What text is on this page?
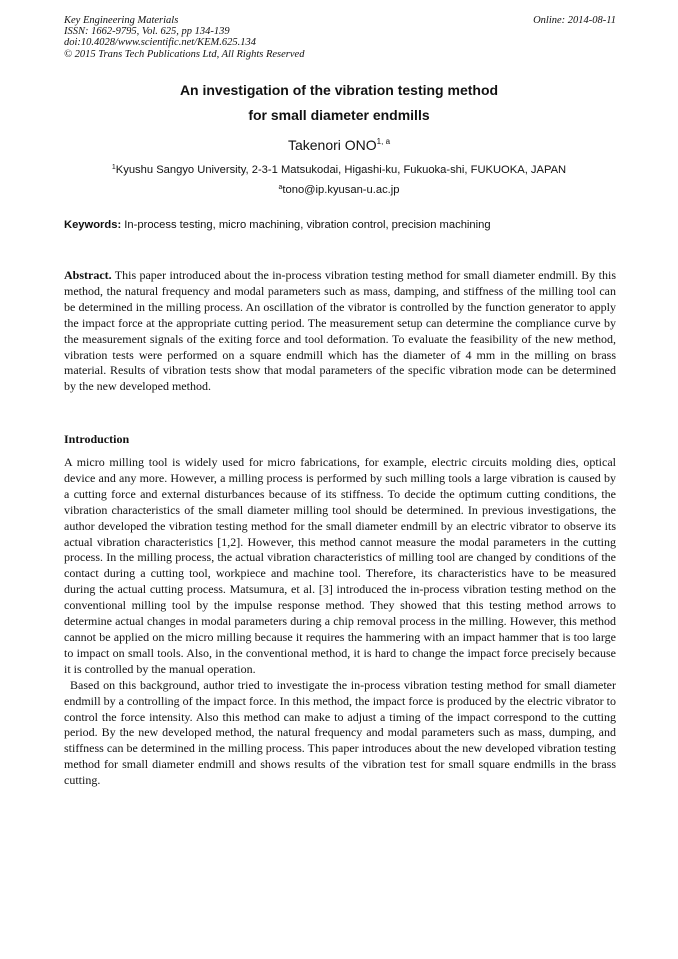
Key Engineering Materials
ISSN: 1662-9795, Vol. 625, pp 134-139
doi:10.4028/www.scientific.net/KEM.625.134
© 2015 Trans Tech Publications Ltd, All Rights Reserved
Online: 2014-08-11
An investigation of the vibration testing method
for small diameter endmills
Takenori ONO$^{1, a}$
$^1$Kyushu Sangyo University, 2-3-1 Matsukodai, Higashi-ku, Fukuoka-shi, FUKUOKA, JAPAN
$^a$tono@ip.kyusan-u.ac.jp
Keywords: In-process testing, micro machining, vibration control, precision machining
Abstract. This paper introduced about the in-process vibration testing method for small diameter endmill. By this method, the natural frequency and modal parameters such as mass, damping, and stiffness of the milling tool can be determined in the milling process. An oscillation of the vibrator is controlled by the function generator to apply the impact force at the appropriate cutting period. The measurement setup can determine the compliance curve by the measurement signals of the exiting force and tool deformation. To evaluate the feasibility of the new method, vibration tests were performed on a square endmill which has the diameter of 4 mm in the milling on brass material. Results of vibration tests show that modal parameters of the specific vibration mode can be determined by the new developed method.
Introduction

A micro milling tool is widely used for micro fabrications, for example, electric circuits molding dies, optical device and any more. However, a milling process is performed by such milling tools a large vibration is caused by a cutting force and external disturbances because of its stiffness. To decide the optimum cutting conditions, the vibration characteristics of the small diameter milling tool should be determined. In previous investigations, the author developed the vibration testing method for the small diameter endmill by an electric vibrator to observe its actual vibration characteristics [1,2]. However, this method cannot measure the modal parameters in the cutting process. In the milling process, the actual vibration characteristics of milling tool are changed by conditions of the contact during a cutting tool, workpiece and machine tool. Therefore, its characteristics have to be measured during the actual cutting process. Matsumura, et al. [3] introduced the in-process vibration testing method on the conventional milling tool by the impulse response method. They showed that this testing method arrows to determine actual changes in modal parameters during a chip removal process in the milling. However, this method cannot be applied on the micro milling because it requires the hammering with an impact hammer that is too large to impact on small tools. Also, in the conventional method, it is hard to change the impact force precisely because it is controlled by the manual operation.

Based on this background, author tried to investigate the in-process vibration testing method for small diameter endmill by a controlling of the impact force. In this method, the impact force is produced by the electric vibrator to control the force intensity. Also this method can make to adjust a timing of the impact correspond to the cutting period. By the new developed method, the natural frequency and modal parameters such as mass, dumping, and stiffness can be determined in the milling process. This paper introduces about the new developed vibration testing method for small diameter endmill and shows results of the vibration test for small square endmills in the brass cutting.
